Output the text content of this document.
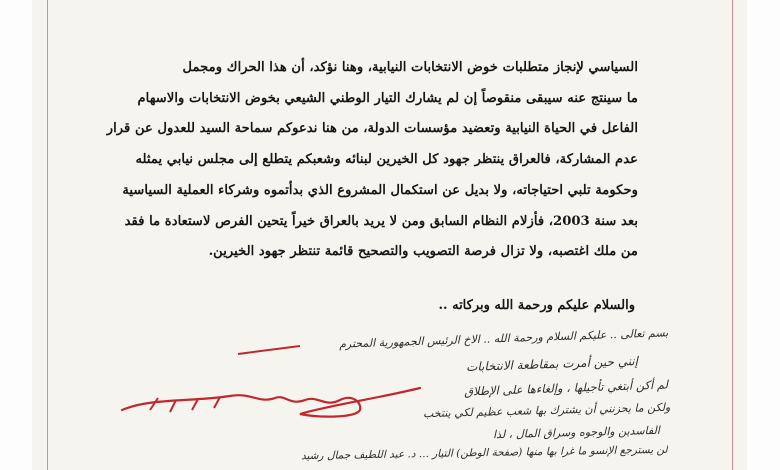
السياسي لإنجاز متطلبات خوض الانتخابات النيابية، وهنا نؤكد، أن هذا الحراك ومجمل
ما سينتج عنه سيبقى منقوصاً إن لم يشارك التيار الوطني الشيعي بخوض الانتخابات والاسهام
الفاعل في الحياة النيابية وتعضيد مؤسسات الدولة، من هنا ندعوكم سماحة السيد للعدول عن قرار
عدم المشاركة، فالعراق ينتظر جهود كل الخيرين لبنائه وشعبكم يتطلع إلى مجلس نيابي يمثله
وحكومة تلبي احتياجاته، ولا بديل عن استكمال المشروع الذي بدأتموه وشركاء العملية السياسية
بعد سنة 2003، فأزلام النظام السابق ومن لا يريد بالعراق خيراً يتحين الفرص لاستعادة ما فقد
من ملك اغتصبه، ولا تزال فرصة التصويب والتصحيح قائمة تنتظر جهود الخيرين.
والسلام عليكم ورحمة الله وبركاته ..
بسم تعالى .. عليكم السلام ورحمة الله .. الاخ الرئيس الجمهورية المحترم
إنني حين أمرت بمقاطعة الانتخابات
لم أكن أبتغي تأجيلها ، وإلغاءها على الإطلاق
ولكن ما يحزنني أن يشترك بها شعب عظيم لكي ينتخب
الفاسدين والوجوه وسراق المال ، لذا
لن يسترجع الإنسو ما غرا بها منها (صفحة الوطن) التيار ... د. عبد اللطيف جمال رشيد
